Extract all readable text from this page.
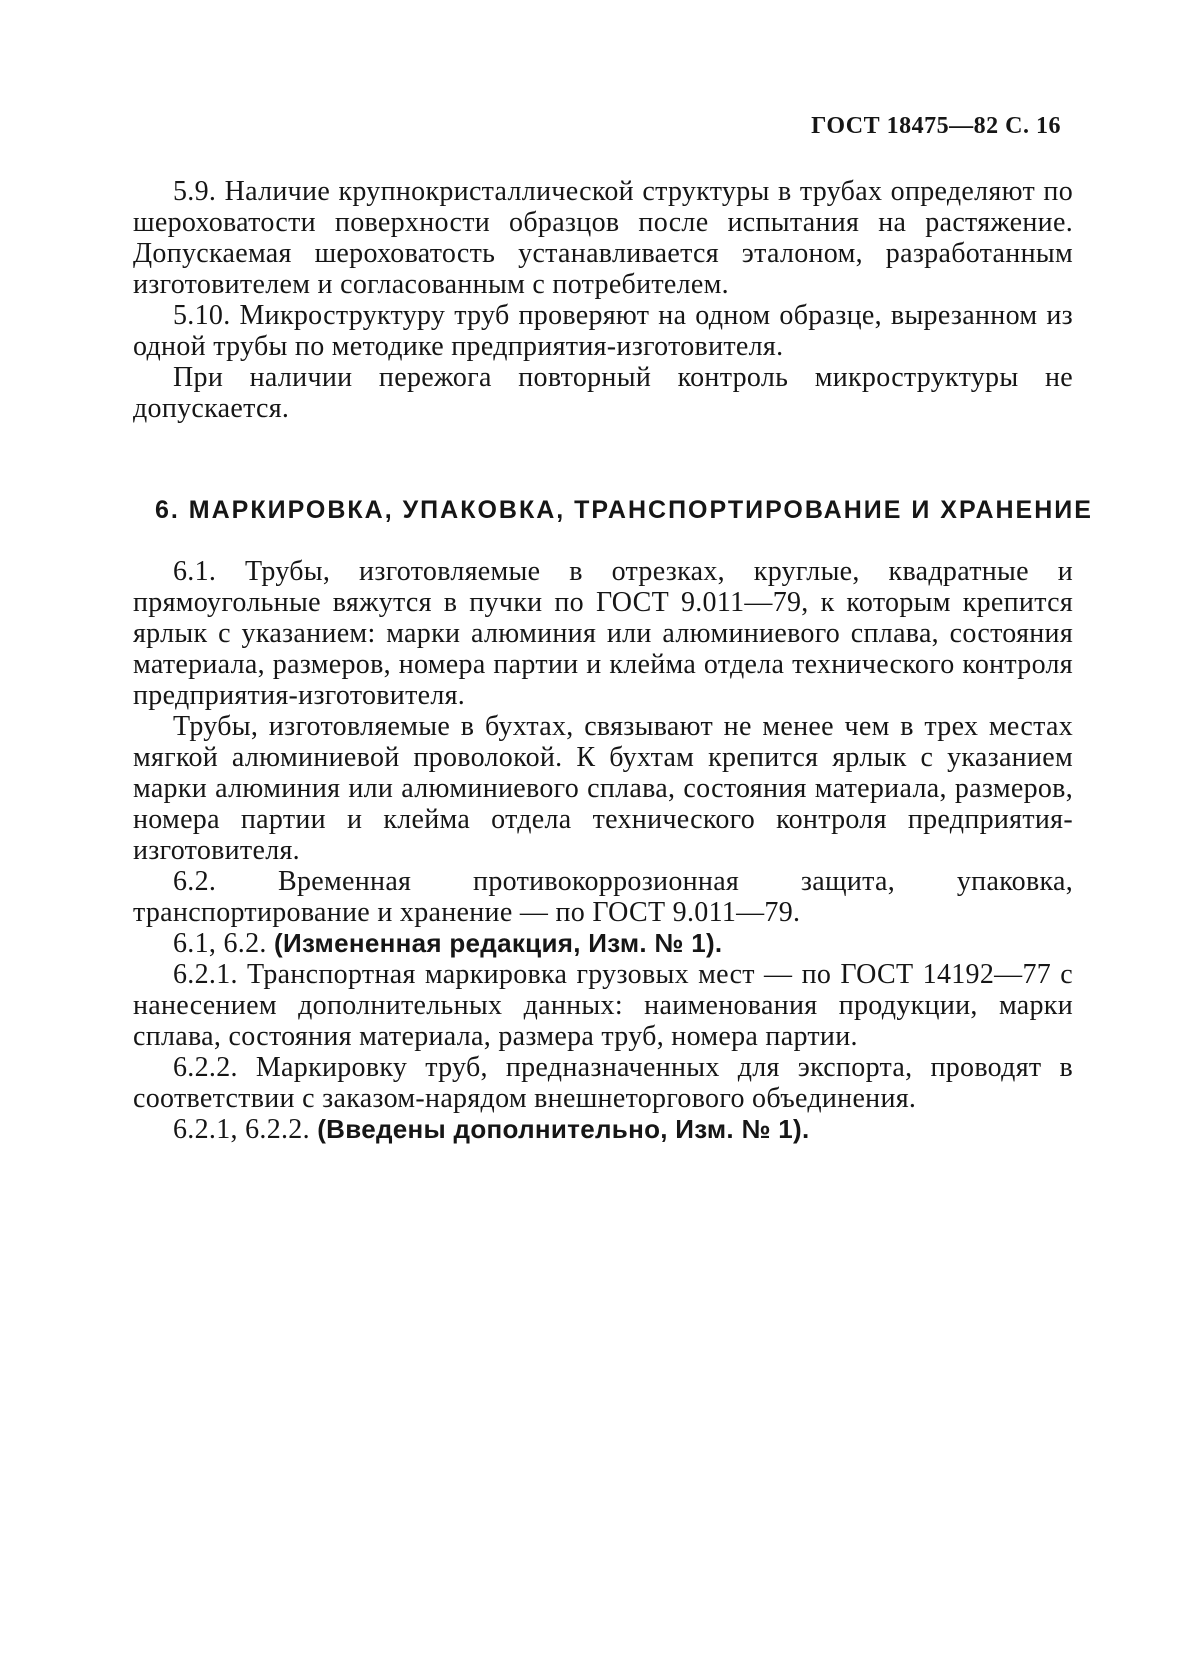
ГОСТ 18475—82 С. 16

5.9. Наличие крупнокристаллической структуры в трубах определяют по шероховатости поверхности образцов после испытания на растяжение. Допускаемая шероховатость устанавливается эталоном, разработанным изготовителем и согласованным с потребителем.

5.10. Микроструктуру труб проверяют на одном образце, вырезанном из одной трубы по методике предприятия-изготовителя.

При наличии пережога повторный контроль микроструктуры не допускается.

6. МАРКИРОВКА, УПАКОВКА, ТРАНСПОРТИРОВАНИЕ И ХРАНЕНИЕ

6.1. Трубы, изготовляемые в отрезках, круглые, квадратные и прямоугольные вяжутся в пучки по ГОСТ 9.011—79, к которым крепится ярлык с указанием: марки алюминия или алюминиевого сплава, состояния материала, размеров, номера партии и клейма отдела технического контроля предприятия-изготовителя.

Трубы, изготовляемые в бухтах, связывают не менее чем в трех местах мягкой алюминиевой проволокой. К бухтам крепится ярлык с указанием марки алюминия или алюминиевого сплава, состояния материала, размеров, номера партии и клейма отдела технического контроля предприятия-изготовителя.

6.2. Временная противокоррозионная защита, упаковка, транспортирование и хранение — по ГОСТ 9.011—79.

6.1, 6.2. (Измененная редакция, Изм. № 1).

6.2.1. Транспортная маркировка грузовых мест — по ГОСТ 14192—77 с нанесением дополнительных данных: наименования продукции, марки сплава, состояния материала, размера труб, номера партии.

6.2.2. Маркировку труб, предназначенных для экспорта, проводят в соответствии с заказом-нарядом внешнеторгового объединения.

6.2.1, 6.2.2. (Введены дополнительно, Изм. № 1).
